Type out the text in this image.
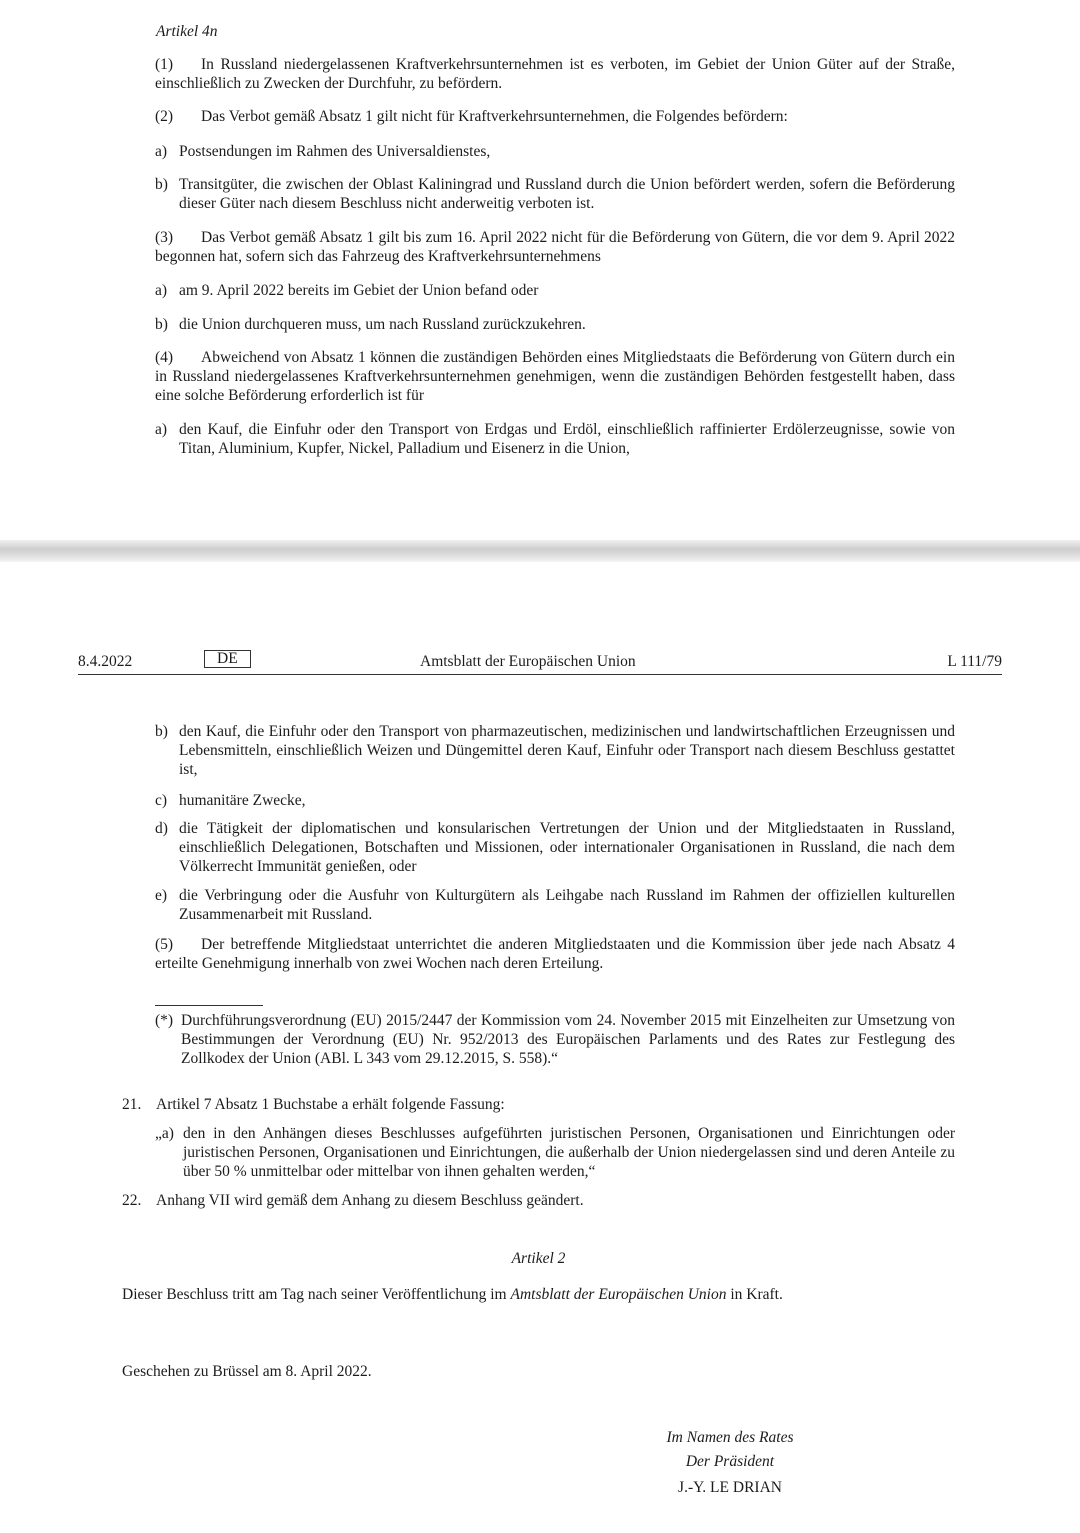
Artikel 4n
(1) In Russland niedergelassenen Kraftverkehrsunternehmen ist es verboten, im Gebiet der Union Güter auf der Straße, einschließlich zu Zwecken der Durchfuhr, zu befördern.
(2) Das Verbot gemäß Absatz 1 gilt nicht für Kraftverkehrsunternehmen, die Folgendes befördern:
a) Postsendungen im Rahmen des Universaldienstes,
b) Transitgüter, die zwischen der Oblast Kaliningrad und Russland durch die Union befördert werden, sofern die Beförderung dieser Güter nach diesem Beschluss nicht anderweitig verboten ist.
(3) Das Verbot gemäß Absatz 1 gilt bis zum 16. April 2022 nicht für die Beförderung von Gütern, die vor dem 9. April 2022 begonnen hat, sofern sich das Fahrzeug des Kraftverkehrsunternehmens
a) am 9. April 2022 bereits im Gebiet der Union befand oder
b) die Union durchqueren muss, um nach Russland zurückzukehren.
(4) Abweichend von Absatz 1 können die zuständigen Behörden eines Mitgliedstaats die Beförderung von Gütern durch ein in Russland niedergelassenes Kraftverkehrsunternehmen genehmigen, wenn die zuständigen Behörden festgestellt haben, dass eine solche Beförderung erforderlich ist für
a) den Kauf, die Einfuhr oder den Transport von Erdgas und Erdöl, einschließlich raffinierter Erdölerzeugnisse, sowie von Titan, Aluminium, Kupfer, Nickel, Palladium und Eisenerz in die Union,
8.4.2022	DE	Amtsblatt der Europäischen Union	L 111/79
b) den Kauf, die Einfuhr oder den Transport von pharmazeutischen, medizinischen und landwirtschaftlichen Erzeugnissen und Lebensmitteln, einschließlich Weizen und Düngemittel deren Kauf, Einfuhr oder Transport nach diesem Beschluss gestattet ist,
c) humanitäre Zwecke,
d) die Tätigkeit der diplomatischen und konsularischen Vertretungen der Union und der Mitgliedstaaten in Russland, einschließlich Delegationen, Botschaften und Missionen, oder internationaler Organisationen in Russland, die nach dem Völkerrecht Immunität genießen, oder
e) die Verbringung oder die Ausfuhr von Kulturgütern als Leihgabe nach Russland im Rahmen der offiziellen kulturellen Zusammenarbeit mit Russland.
(5) Der betreffende Mitgliedstaat unterrichtet die anderen Mitgliedstaaten und die Kommission über jede nach Absatz 4 erteilte Genehmigung innerhalb von zwei Wochen nach deren Erteilung.
(*) Durchführungsverordnung (EU) 2015/2447 der Kommission vom 24. November 2015 mit Einzelheiten zur Umsetzung von Bestimmungen der Verordnung (EU) Nr. 952/2013 des Europäischen Parlaments und des Rates zur Festlegung des Zollkodex der Union (ABl. L 343 vom 29.12.2015, S. 558).“
21. Artikel 7 Absatz 1 Buchstabe a erhält folgende Fassung:
„a) den in den Anhängen dieses Beschlusses aufgeführten juristischen Personen, Organisationen und Einrichtungen oder juristischen Personen, Organisationen und Einrichtungen, die außerhalb der Union niedergelassen sind und deren Anteile zu über 50 % unmittelbar oder mittelbar von ihnen gehalten werden,“
22. Anhang VII wird gemäß dem Anhang zu diesem Beschluss geändert.
Artikel 2
Dieser Beschluss tritt am Tag nach seiner Veröffentlichung im Amtsblatt der Europäischen Union in Kraft.
Geschehen zu Brüssel am 8. April 2022.
Im Namen des Rates
Der Präsident
J.-Y. LE DRIAN
